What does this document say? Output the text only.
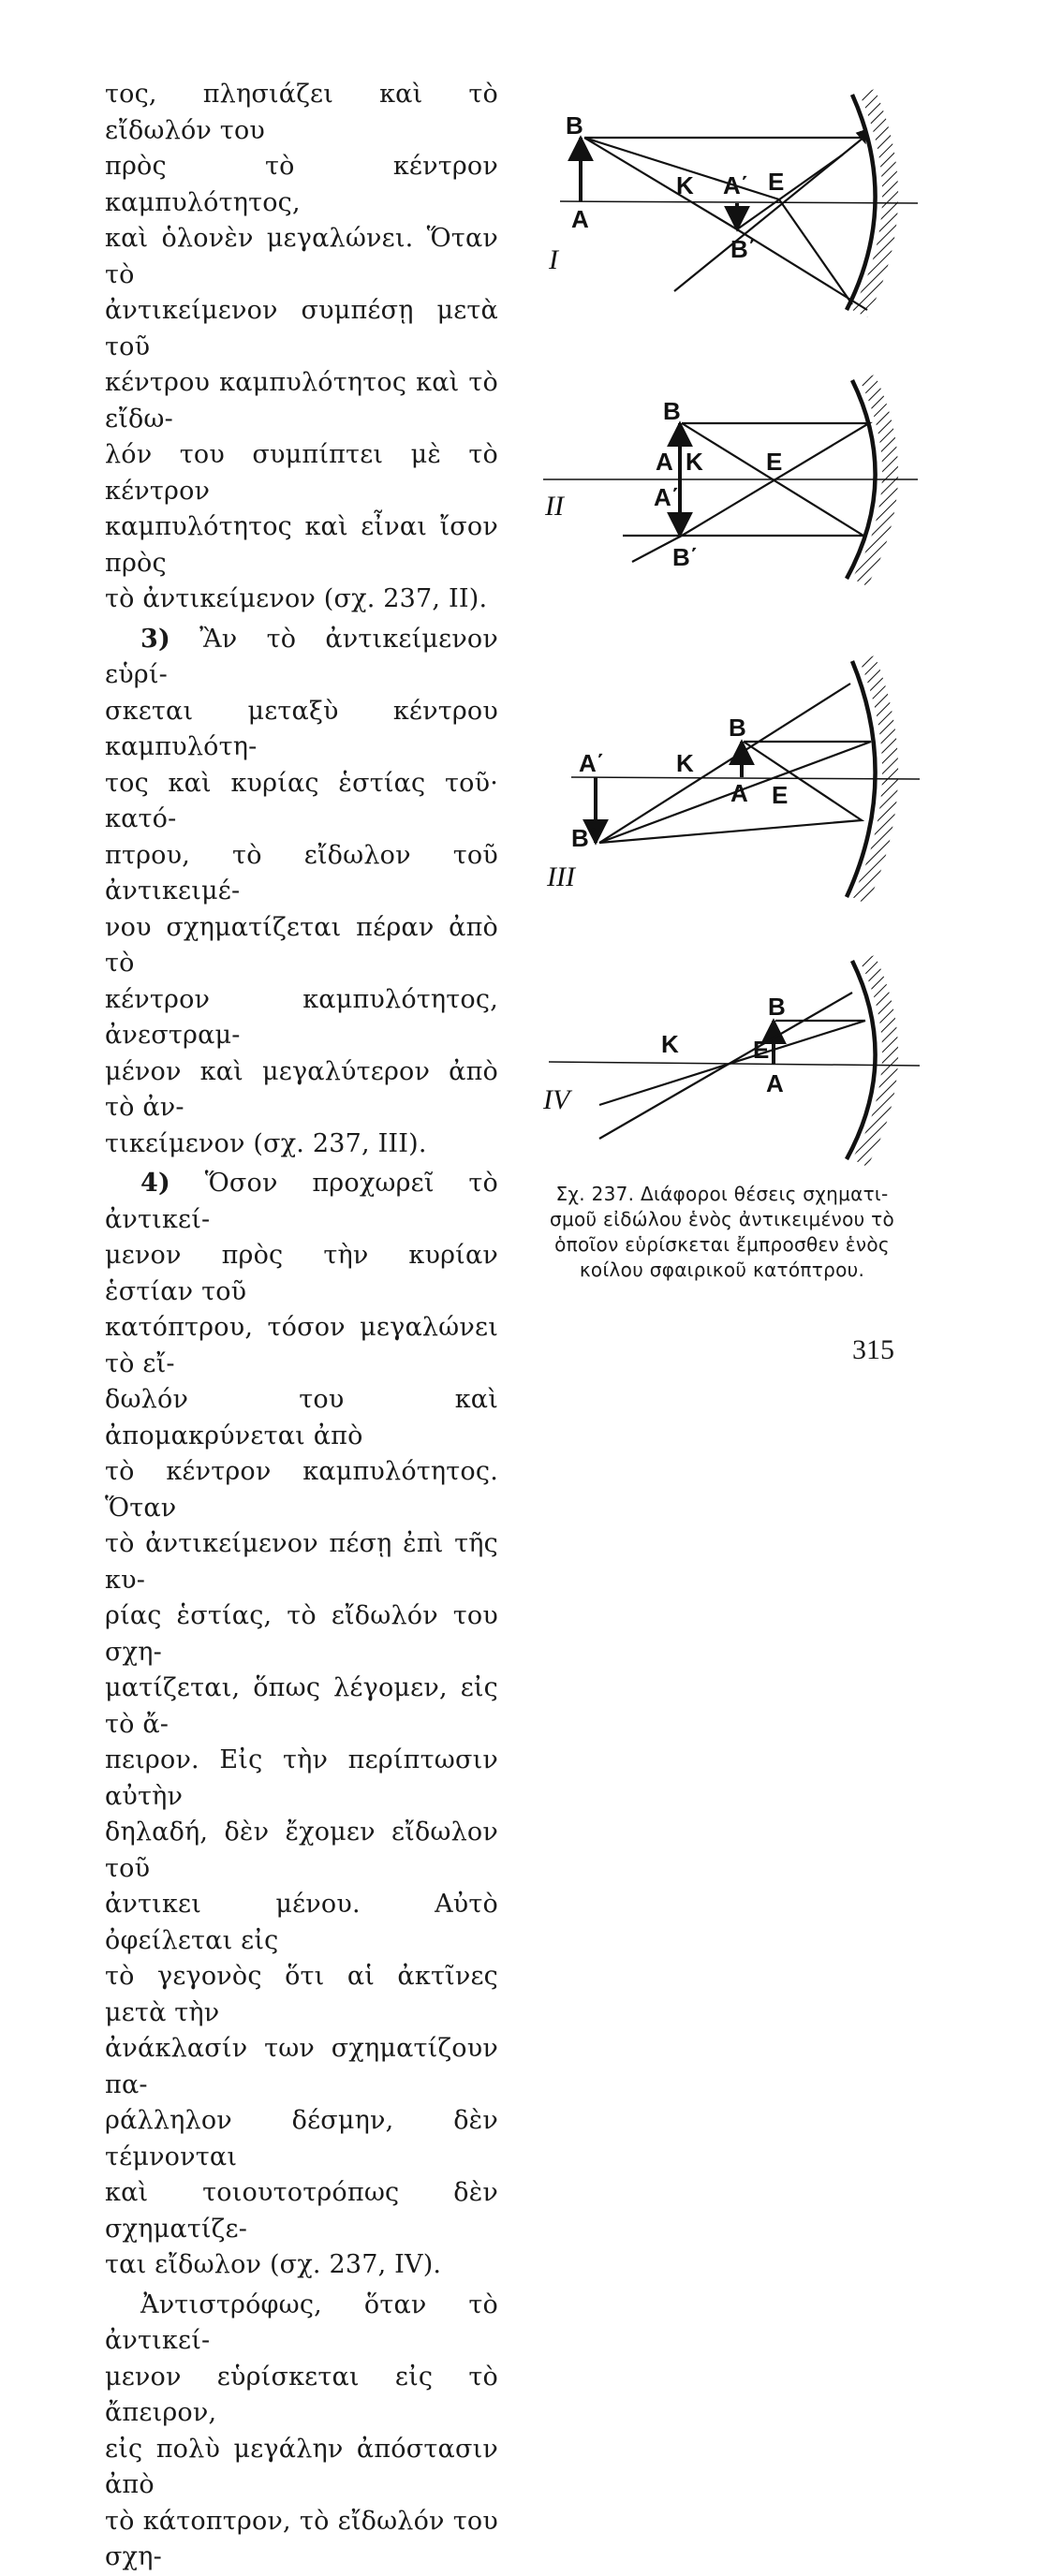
τος, πλησιάζει καὶ τὸ εἴδωλόν του
πρὸς τὸ κέντρον καμπυλότητος,
καὶ ὁλονὲν μεγαλώνει. Ὅταν τὸ
ἀντικείμενον συμπέσῃ μετὰ τοῦ
κέντρου καμπυλότητος καὶ τὸ εἴδω-
λόν του συμπίπτει μὲ τὸ κέντρον
καμπυλότητος καὶ εἶναι ἴσον πρὸς
τὸ ἀντικείμενον (σχ. 237, II).

3) Ἂν τὸ ἀντικείμενον εὑρί-
σκεται μεταξὺ κέντρου καμπυλότη-
τος καὶ κυρίας ἑστίας τοῦ· κατό-
πτρου, τὸ εἴδωλον τοῦ ἀντικειμέ-
νου σχηματίζεται πέραν ἀπὸ τὸ
κέντρον καμπυλότητος, ἀνεστραμ-
μένον καὶ μεγαλύτερον ἀπὸ τὸ ἀν-
τικείμενον (σχ. 237, III).

4) Ὅσον προχωρεῖ τὸ ἀντικεί-
μενον πρὸς τὴν κυρίαν ἑστίαν τοῦ
κατόπτρου, τόσον μεγαλώνει τὸ εἴ-
δωλόν του καὶ ἀπομακρύνεται ἀπὸ
τὸ κέντρον καμπυλότητος. Ὅταν
τὸ ἀντικείμενον πέσῃ ἐπὶ τῆς κυ-
ρίας ἑστίας, τὸ εἴδωλόν του σχη-
ματίζεται, ὅπως λέγομεν, εἰς τὸ ἄ-
πειρον. Εἰς τὴν περίπτωσιν αὐτὴν
δηλαδή, δὲν ἔχομεν εἴδωλον τοῦ
ἀντικει μένου. Αὐτὸ ὀφείλεται εἰς
τὸ γεγονὸς ὅτι αἱ ἀκτῖνες μετὰ τὴν
ἀνάκλασίν των σχηματίζουν πα-
ράλληλον δέσμην, δὲν τέμνονται
καὶ τοιουτοτρόπως δὲν σχηματίζε-
ται εἴδωλον (σχ. 237, IV).

Ἀντιστρόφως, ὅταν τὸ ἀντικεί-
μενον εὑρίσκεται εἰς τὸ ἄπειρον,
εἰς πολὺ μεγάλην ἀπόστασιν ἀπὸ
τὸ κάτοπτρον, τὸ εἴδωλόν του σχη-

B
A
K A΄ E
B΄
I
B
A K	E
A΄
B΄
II
A΄	K
B
A E
B΄
III
B
K	E
A
IV
Σχ. 237. Διάφοροι θέσεις σχηματι-
σμοῦ εἰδώλου ἑνὸς ἀντικειμένου τὸ
ὁποῖον εὑρίσκεται ἔμπροσθεν ἑνὸς
κοίλου σφαιρικοῦ κατόπτρου.
315
